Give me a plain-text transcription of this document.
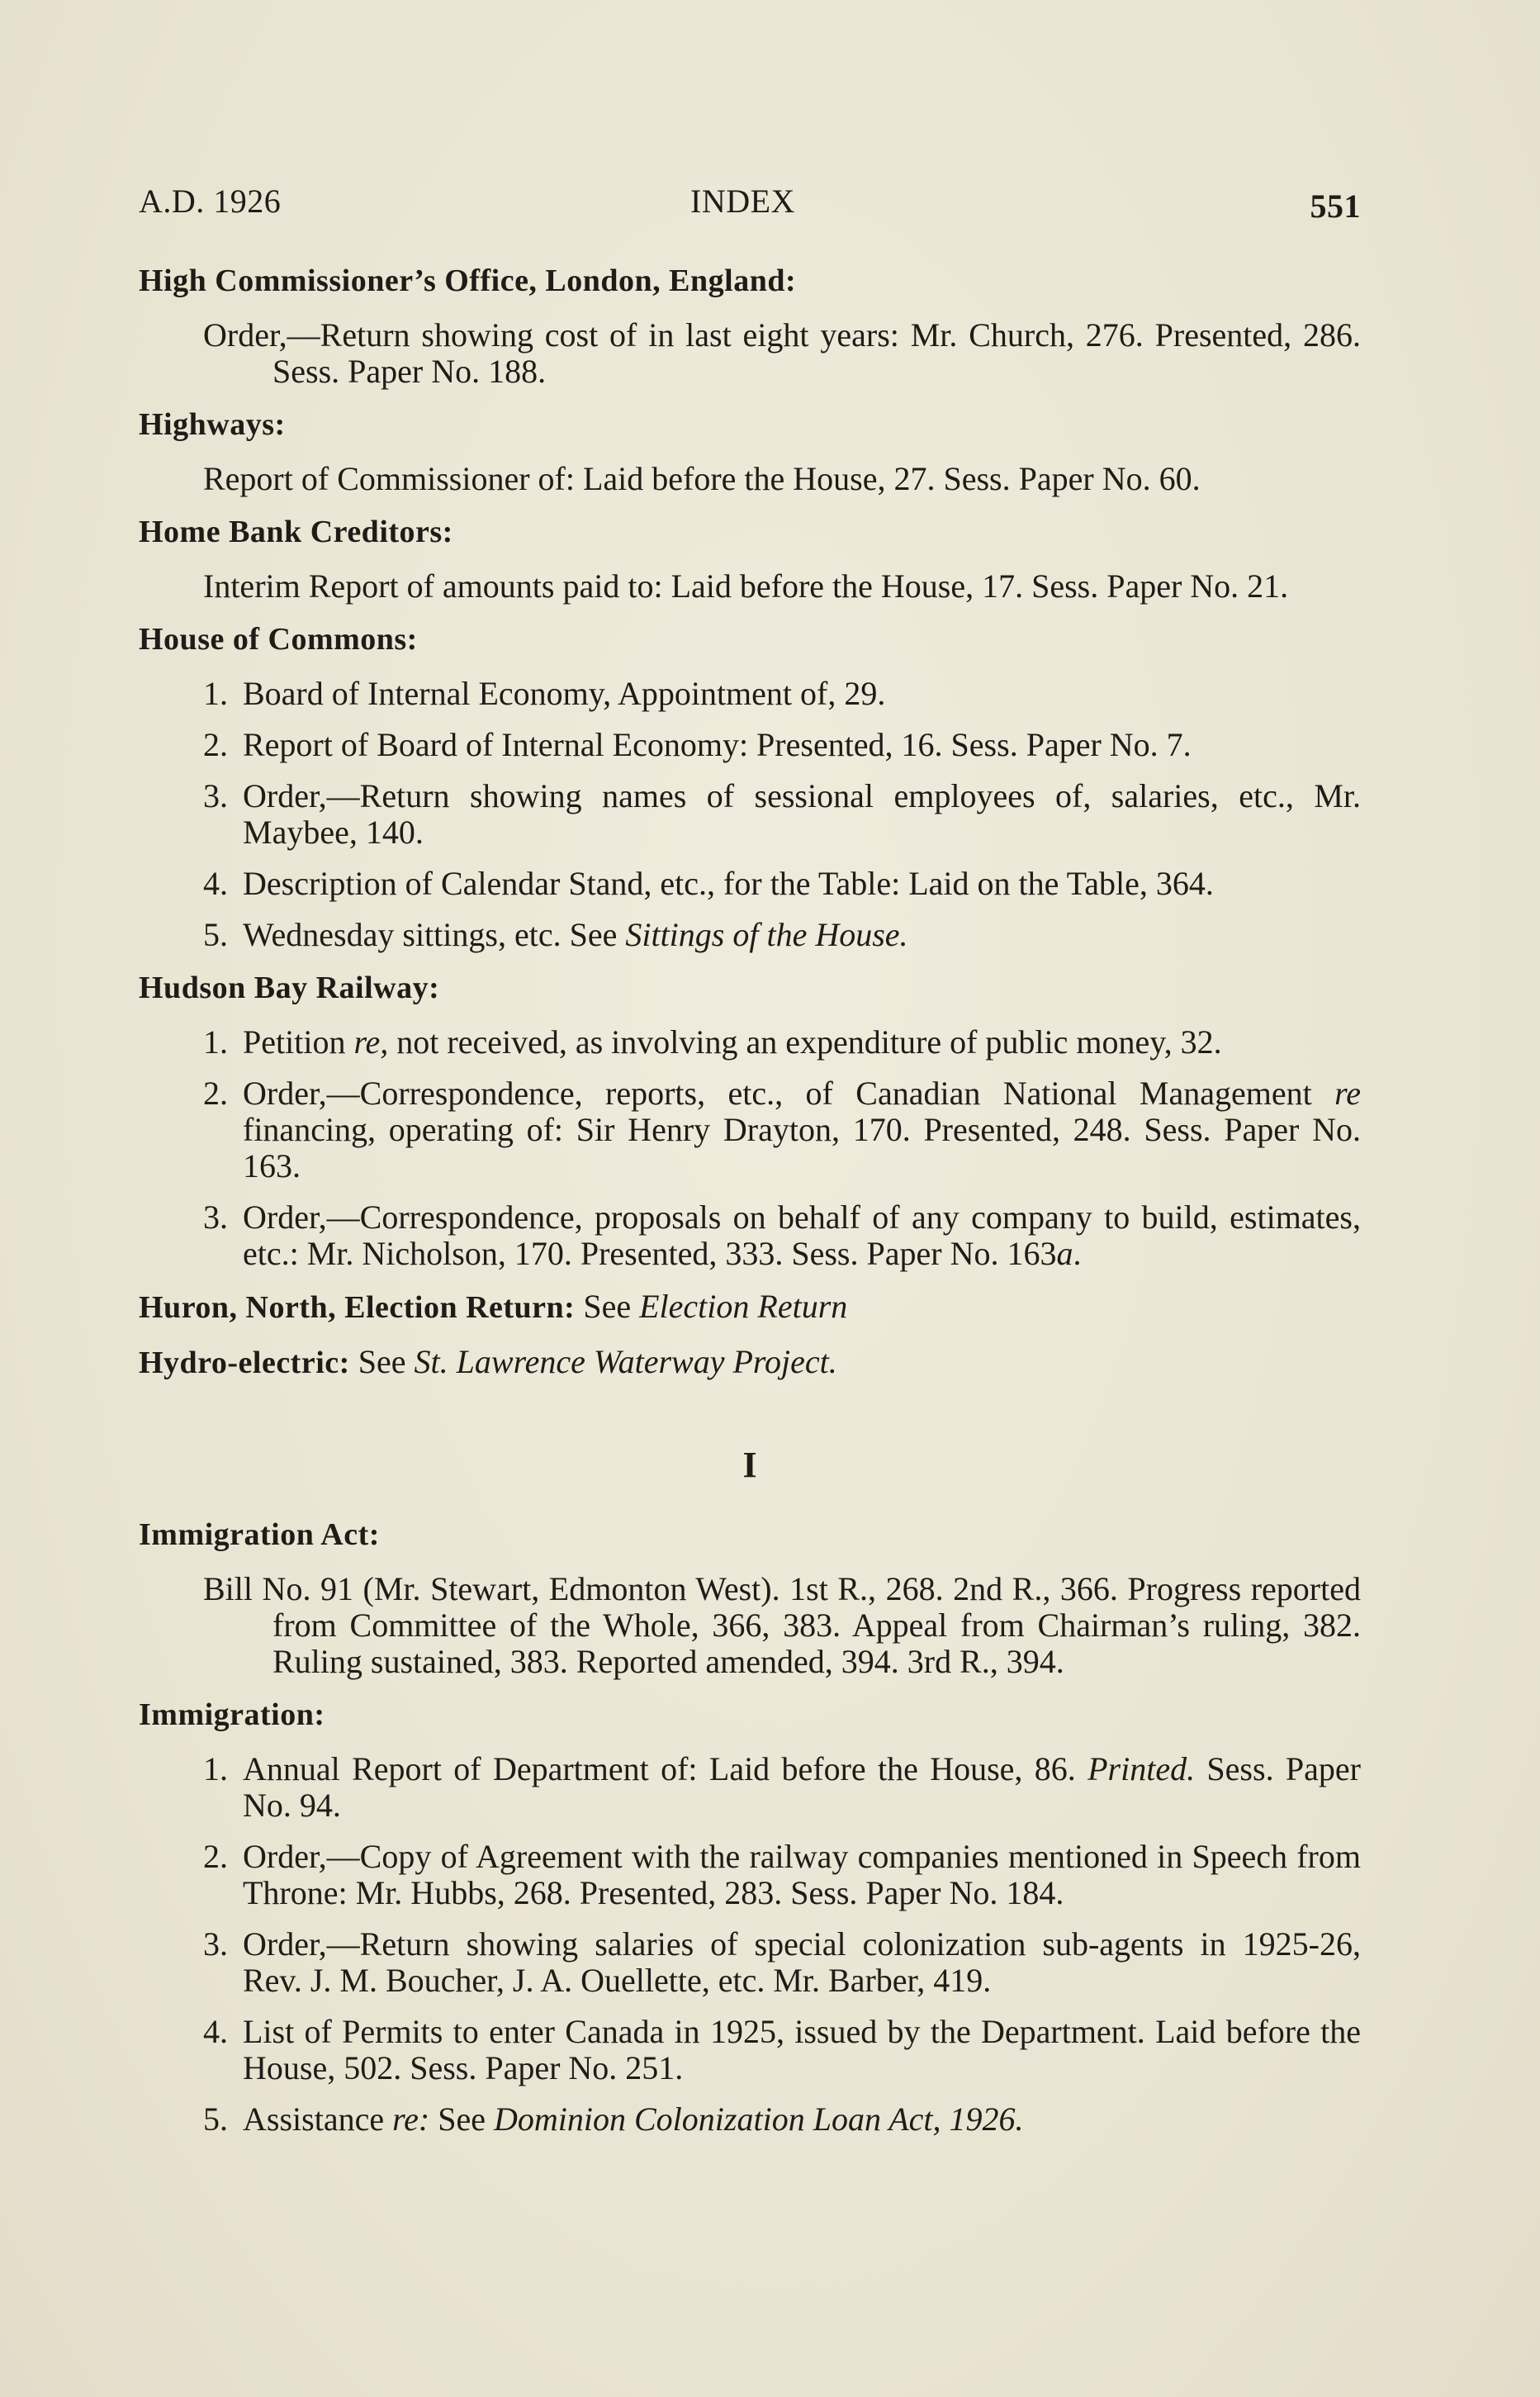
A.D. 1926	INDEX	551
High Commissioner’s Office, London, England:
Order,—Return showing cost of in last eight years: Mr. Church, 276. Presented, 286. Sess. Paper No. 188.
Highways:
Report of Commissioner of: Laid before the House, 27. Sess. Paper No. 60.
Home Bank Creditors:
Interim Report of amounts paid to: Laid before the House, 17. Sess. Paper No. 21.
House of Commons:
1. Board of Internal Economy, Appointment of, 29.
2. Report of Board of Internal Economy: Presented, 16. Sess. Paper No. 7.
3. Order,—Return showing names of sessional employees of, salaries, etc., Mr. Maybee, 140.
4. Description of Calendar Stand, etc., for the Table: Laid on the Table, 364.
5. Wednesday sittings, etc. See Sittings of the House.
Hudson Bay Railway:
1. Petition re, not received, as involving an expenditure of public money, 32.
2. Order,—Correspondence, reports, etc., of Canadian National Management re financing, operating of: Sir Henry Drayton, 170. Presented, 248. Sess. Paper No. 163.
3. Order,—Correspondence, proposals on behalf of any company to build, estimates, etc.: Mr. Nicholson, 170. Presented, 333. Sess. Paper No. 163a.
Huron, North, Election Return: See Election Return
Hydro-electric: See St. Lawrence Waterway Project.
I
Immigration Act:
Bill No. 91 (Mr. Stewart, Edmonton West). 1st R., 268. 2nd R., 366. Progress reported from Committee of the Whole, 366, 383. Appeal from Chairman’s ruling, 382. Ruling sustained, 383. Reported amended, 394. 3rd R., 394.
Immigration:
1. Annual Report of Department of: Laid before the House, 86. Printed. Sess. Paper No. 94.
2. Order,—Copy of Agreement with the railway companies mentioned in Speech from Throne: Mr. Hubbs, 268. Presented, 283. Sess. Paper No. 184.
3. Order,—Return showing salaries of special colonization sub-agents in 1925-26, Rev. J. M. Boucher, J. A. Ouellette, etc. Mr. Barber, 419.
4. List of Permits to enter Canada in 1925, issued by the Department. Laid before the House, 502. Sess. Paper No. 251.
5. Assistance re: See Dominion Colonization Loan Act, 1926.
